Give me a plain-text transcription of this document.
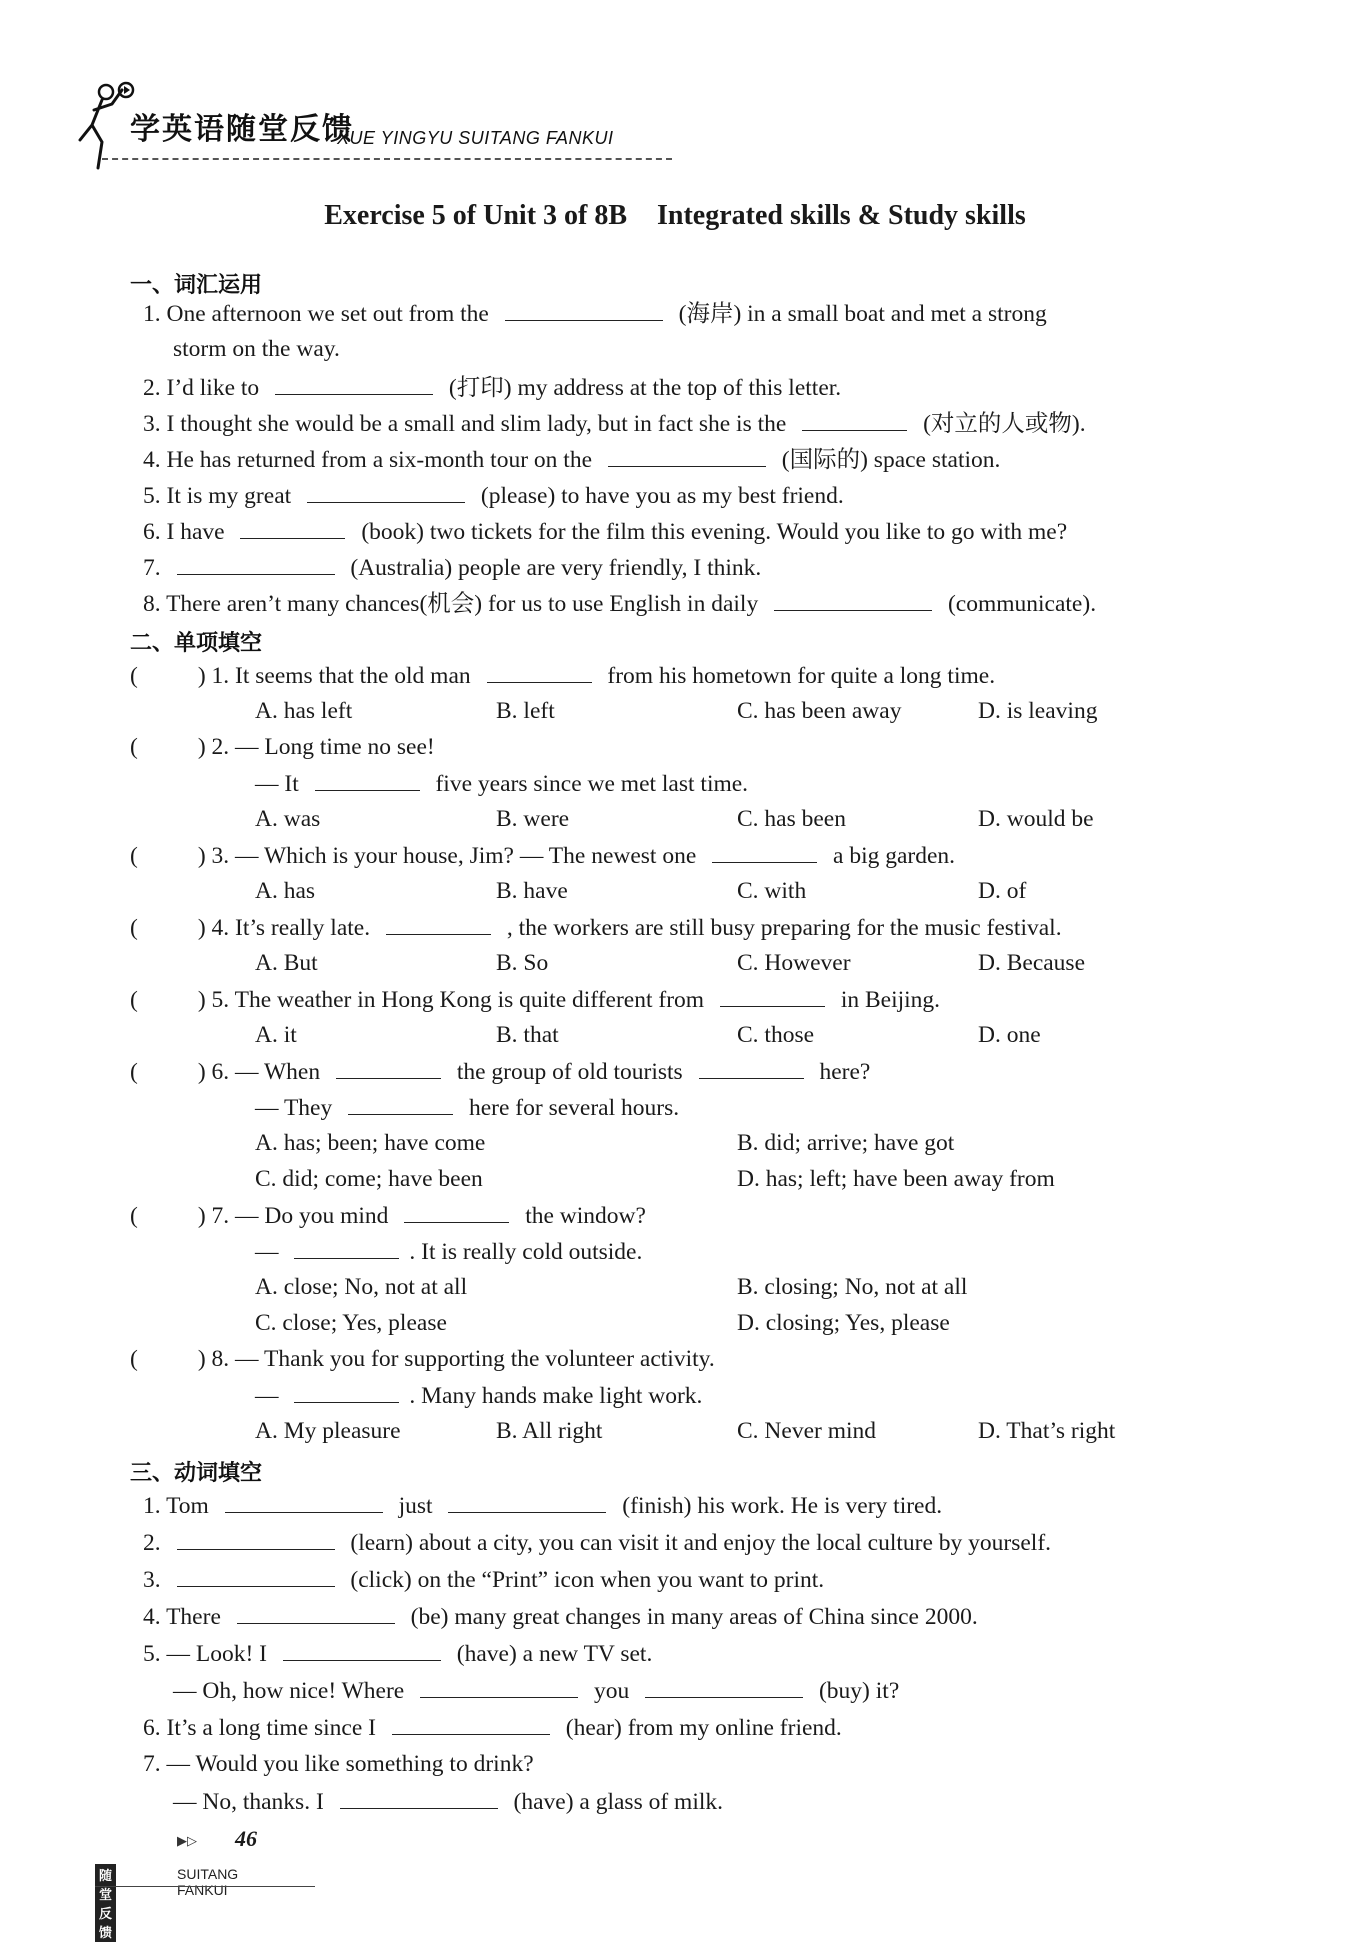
学英语随堂反馈
XUE YINGYU SUITANG FANKUI
Exercise 5 of Unit 3 of 8B Integrated skills & Study skills
一、词汇运用
1. One afternoon we set out from the	(海岸) in a small boat and met a strong
storm on the way.
2. I’d like to	(打印) my address at the top of this letter.
3. I thought she would be a small and slim lady, but in fact she is the	(对立的人或物).
4. He has returned from a six-month tour on the	(国际的) space station.
5. It is my great	(please) to have you as my best friend.
6. I have	(book) two tickets for the film this evening. Would you like to go with me?
7.	(Australia) people are very friendly, I think.
8. There aren’t many chances(机会) for us to use English in daily	(communicate).
二、单项填空
(	) 1. It seems that the old man	from his hometown for quite a long time.
A. has left	B. left	C. has been away	D. is leaving
(	) 2. — Long time no see!
— It	five years since we met last time.
A. was	B. were	C. has been	D. would be
(	) 3. — Which is your house, Jim? — The newest one	a big garden.
A. has	B. have	C. with	D. of
(	) 4. It’s really late.	, the workers are still busy preparing for the music festival.
A. But	B. So	C. However	D. Because
(	) 5. The weather in Hong Kong is quite different from	in Beijing.
A. it	B. that	C. those	D. one
(	) 6. — When	the group of old tourists	here?
— They	here for several hours.
A. has; been; have come	B. did; arrive; have got
C. did; come; have been	D. has; left; have been away from
(	) 7. — Do you mind	the window?
—	. It is really cold outside.
A. close; No, not at all	B. closing; No, not at all
C. close; Yes, please	D. closing; Yes, please
(	) 8. — Thank you for supporting the volunteer activity.
—	. Many hands make light work.
A. My pleasure	B. All right	C. Never mind	D. That’s right
三、动词填空
1. Tom	just	(finish) his work. He is very tired.
2.	(learn) about a city, you can visit it and enjoy the local culture by yourself.
3.	(click) on the “Print” icon when you want to print.
4. There	(be) many great changes in many areas of China since 2000.
5. — Look! I	(have) a new TV set.
— Oh, how nice! Where	you	(buy) it?
6. It’s a long time since I	(hear) from my online friend.
7. — Would you like something to drink?
— No, thanks. I	(have) a glass of milk.
▶▷ 46
随堂反馈
SUITANG FANKUI
